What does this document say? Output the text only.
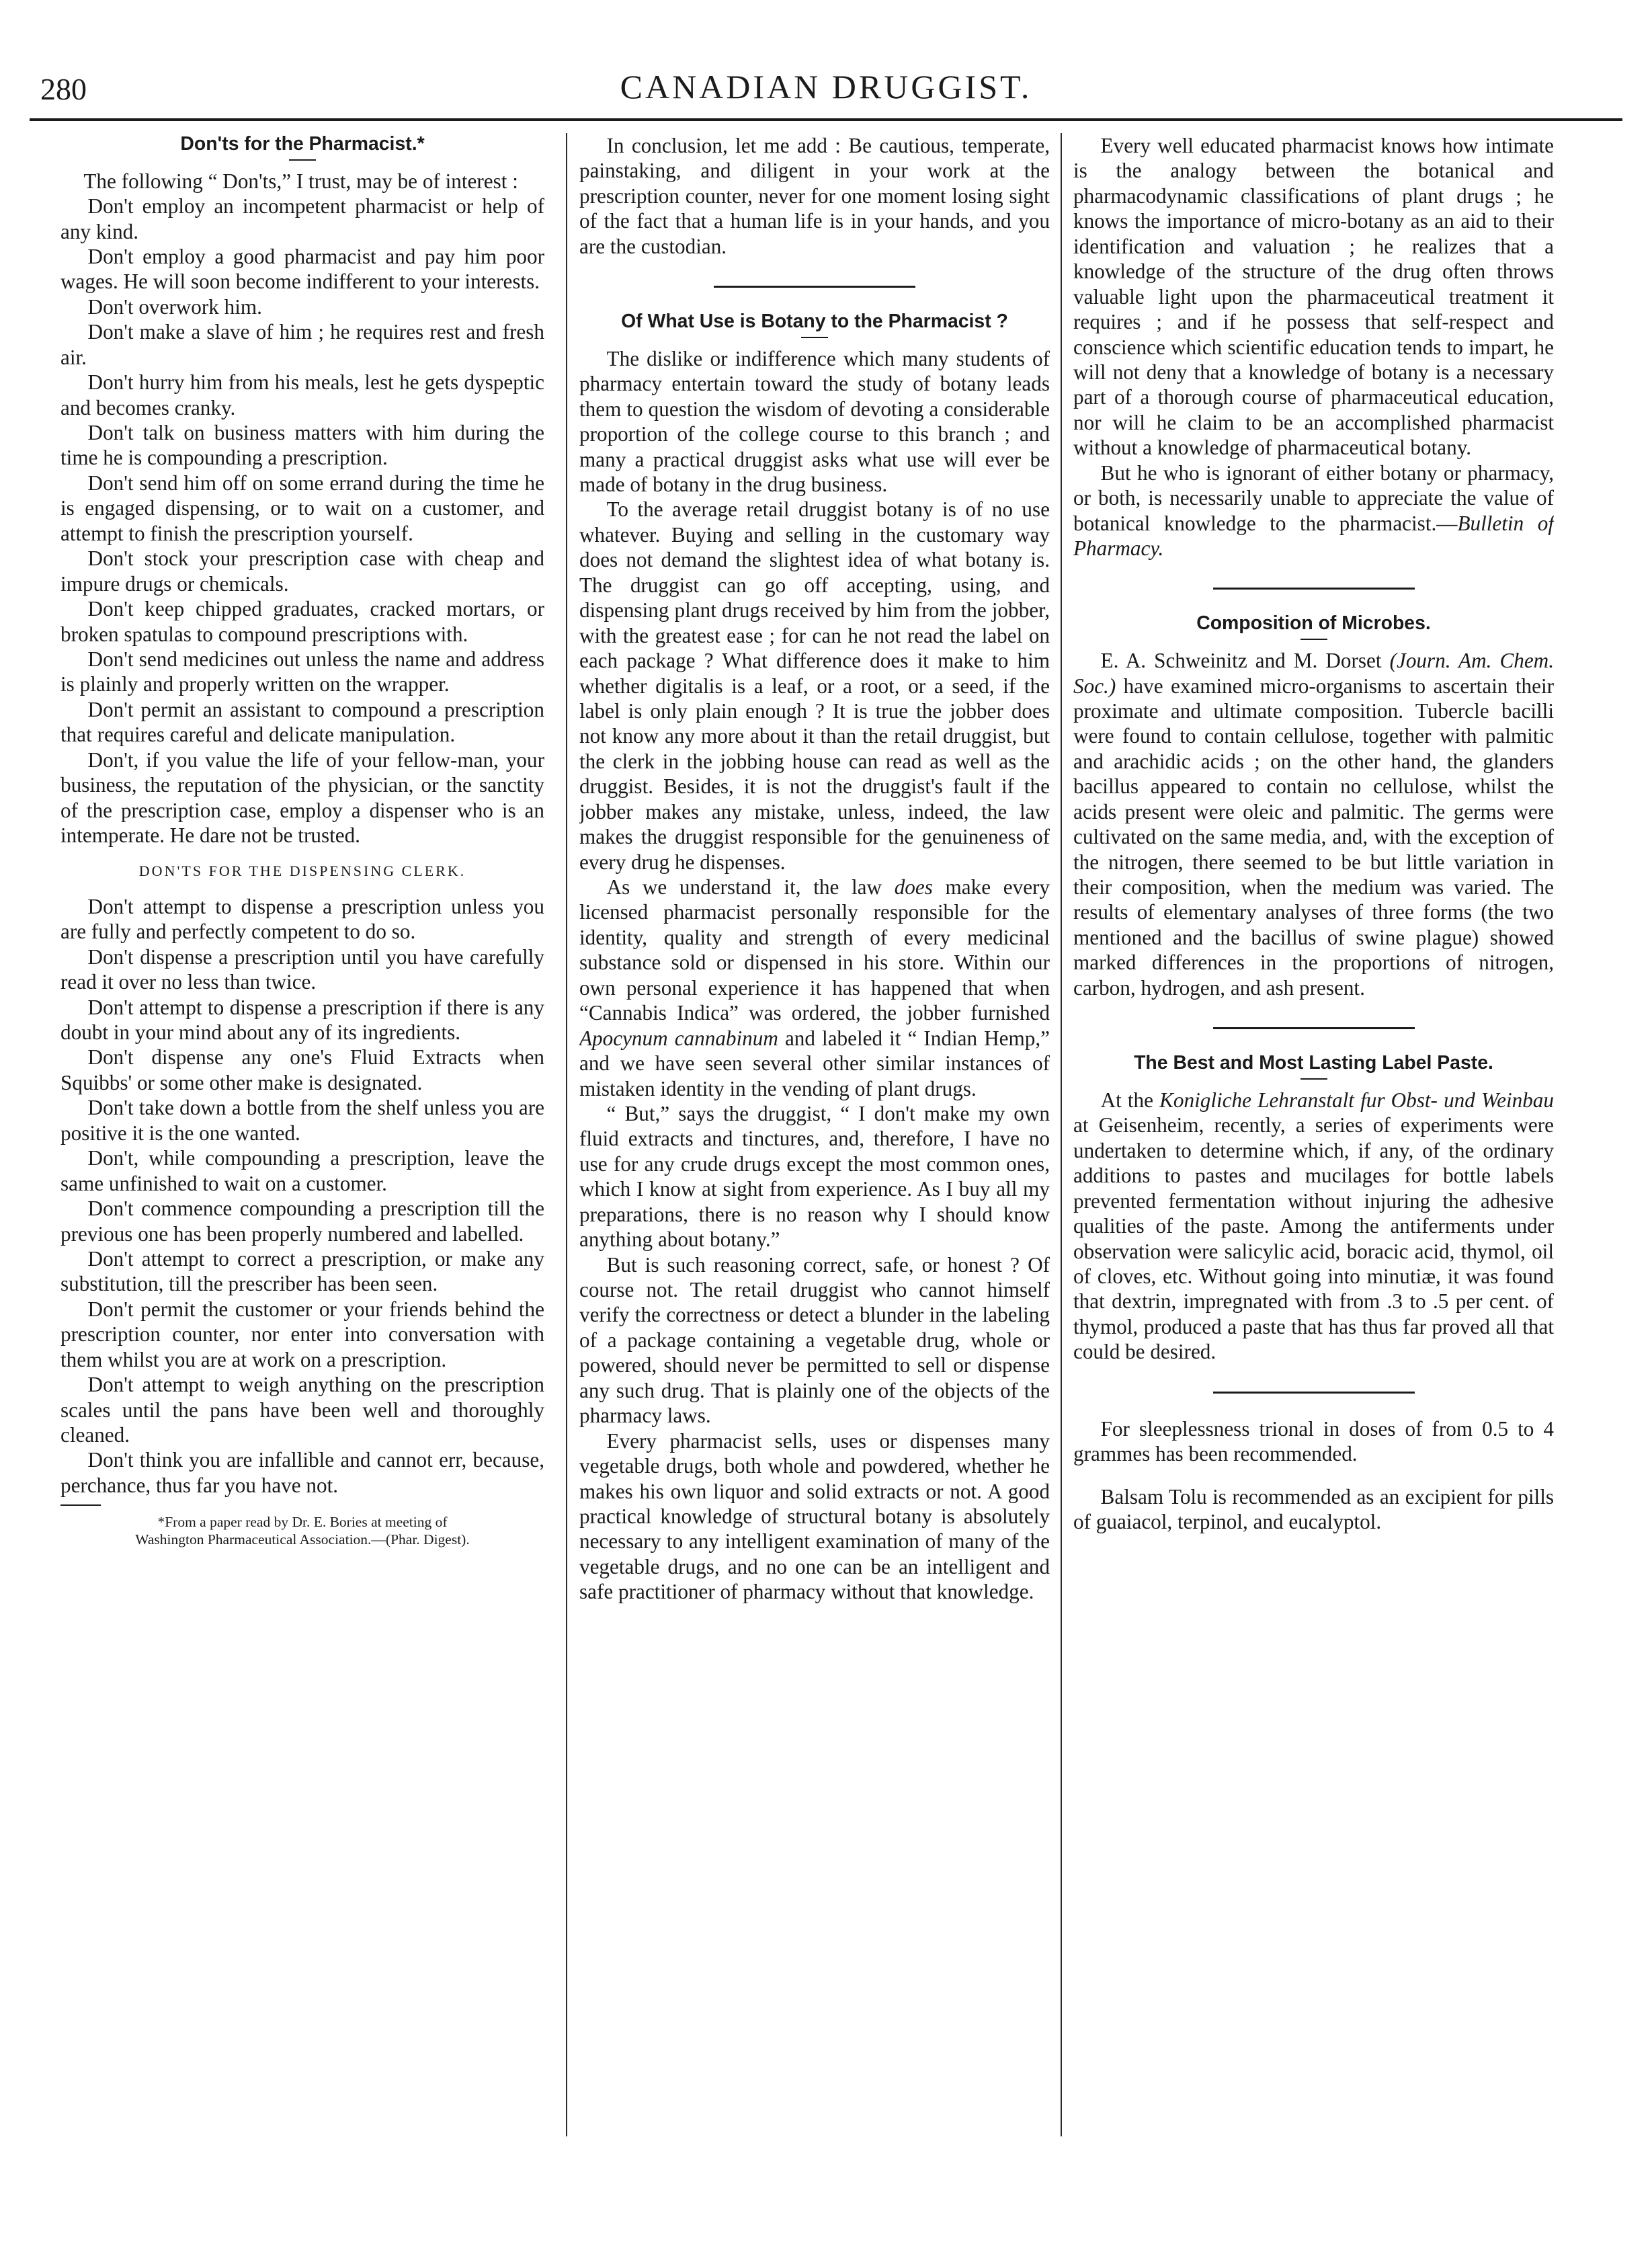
280	CANADIAN DRUGGIST.
Don'ts for the Pharmacist.*

The following “ Don'ts,” I trust, may be of interest :

Don't employ an incompetent pharmacist or help of any kind.

Don't employ a good pharmacist and pay him poor wages. He will soon become indifferent to your interests.

Don't overwork him.

Don't make a slave of him ; he requires rest and fresh air.

Don't hurry him from his meals, lest he gets dyspeptic and becomes cranky.

Don't talk on business matters with him during the time he is compounding a prescription.

Don't send him off on some errand during the time he is engaged dispensing, or to wait on a customer, and attempt to finish the prescription yourself.

Don't stock your prescription case with cheap and impure drugs or chemicals.

Don't keep chipped graduates, cracked mortars, or broken spatulas to compound prescriptions with.

Don't send medicines out unless the name and address is plainly and properly written on the wrapper.

Don't permit an assistant to compound a prescription that requires careful and delicate manipulation.

Don't, if you value the life of your fellow-man, your business, the reputation of the physician, or the sanctity of the prescription case, employ a dispenser who is an intemperate. He dare not be trusted.

DON'TS FOR THE DISPENSING CLERK.

Don't attempt to dispense a prescription unless you are fully and perfectly competent to do so.

Don't dispense a prescription until you have carefully read it over no less than twice.

Don't attempt to dispense a prescription if there is any doubt in your mind about any of its ingredients.

Don't dispense any one's Fluid Extracts when Squibbs' or some other make is designated.

Don't take down a bottle from the shelf unless you are positive it is the one wanted.

Don't, while compounding a prescription, leave the same unfinished to wait on a customer.

Don't commence compounding a prescription till the previous one has been properly numbered and labelled.

Don't attempt to correct a prescription, or make any substitution, till the prescriber has been seen.

Don't permit the customer or your friends behind the prescription counter, nor enter into conversation with them whilst you are at work on a prescription.

Don't attempt to weigh anything on the prescription scales until the pans have been well and thoroughly cleaned.

Don't think you are infallible and cannot err, because, perchance, thus far you have not.

*From a paper read by Dr. E. Bories at meeting of
Washington Pharmaceutical Association.—(Phar. Digest).

In conclusion, let me add : Be cautious, temperate, painstaking, and diligent in your work at the prescription counter, never for one moment losing sight of the fact that a human life is in your hands, and you are the custodian.

Of What Use is Botany to the Pharmacist ?

The dislike or indifference which many students of pharmacy entertain toward the study of botany leads them to question the wisdom of devoting a considerable proportion of the college course to this branch ; and many a practical druggist asks what use will ever be made of botany in the drug business.

To the average retail druggist botany is of no use whatever. Buying and selling in the customary way does not demand the slightest idea of what botany is. The druggist can go off accepting, using, and dispensing plant drugs received by him from the jobber, with the greatest ease ; for can he not read the label on each package ? What difference does it make to him whether digitalis is a leaf, or a root, or a seed, if the label is only plain enough ? It is true the jobber does not know any more about it than the retail druggist, but the clerk in the jobbing house can read as well as the druggist. Besides, it is not the druggist's fault if the jobber makes any mistake, unless, indeed, the law makes the druggist responsible for the genuineness of every drug he dispenses.

As we understand it, the law does make every licensed pharmacist personally responsible for the identity, quality and strength of every medicinal substance sold or dispensed in his store. Within our own personal experience it has happened that when “Cannabis Indica” was ordered, the jobber furnished Apocynum cannabinum and labeled it “ Indian Hemp,” and we have seen several other similar instances of mistaken identity in the vending of plant drugs.

“ But,” says the druggist, “ I don't make my own fluid extracts and tinctures, and, therefore, I have no use for any crude drugs except the most common ones, which I know at sight from experience. As I buy all my preparations, there is no reason why I should know anything about botany.”

But is such reasoning correct, safe, or honest ? Of course not. The retail druggist who cannot himself verify the correctness or detect a blunder in the labeling of a package containing a vegetable drug, whole or powered, should never be permitted to sell or dispense any such drug. That is plainly one of the objects of the pharmacy laws.

Every pharmacist sells, uses or dispenses many vegetable drugs, both whole and powdered, whether he makes his own liquor and solid extracts or not. A good practical knowledge of structural botany is absolutely necessary to any intelligent examination of many of the vegetable drugs, and no one can be an intelligent and safe practitioner of pharmacy without that knowledge.

Every well educated pharmacist knows how intimate is the analogy between the botanical and pharmacodynamic classifications of plant drugs ; he knows the importance of micro-botany as an aid to their identification and valuation ; he realizes that a knowledge of the structure of the drug often throws valuable light upon the pharmaceutical treatment it requires ; and if he possess that self-respect and conscience which scientific education tends to impart, he will not deny that a knowledge of botany is a necessary part of a thorough course of pharmaceutical education, nor will he claim to be an accomplished pharmacist without a knowledge of pharmaceutical botany.

But he who is ignorant of either botany or pharmacy, or both, is necessarily unable to appreciate the value of botanical knowledge to the pharmacist.—Bulletin of Pharmacy.

Composition of Microbes.

E. A. Schweinitz and M. Dorset (Journ. Am. Chem. Soc.) have examined micro-organisms to ascertain their proximate and ultimate composition. Tubercle bacilli were found to contain cellulose, together with palmitic and arachidic acids ; on the other hand, the glanders bacillus appeared to contain no cellulose, whilst the acids present were oleic and palmitic. The germs were cultivated on the same media, and, with the exception of the nitrogen, there seemed to be but little variation in their composition, when the medium was varied. The results of elementary analyses of three forms (the two mentioned and the bacillus of swine plague) showed marked differences in the proportions of nitrogen, carbon, hydrogen, and ash present.

The Best and Most Lasting Label Paste.

At the Konigliche Lehranstalt fur Obst- und Weinbau at Geisenheim, recently, a series of experiments were undertaken to determine which, if any, of the ordinary additions to pastes and mucilages for bottle labels prevented fermentation without injuring the adhesive qualities of the paste. Among the antiferments under observation were salicylic acid, boracic acid, thymol, oil of cloves, etc. Without going into minutiæ, it was found that dextrin, impregnated with from .3 to .5 per cent. of thymol, produced a paste that has thus far proved all that could be desired.

For sleeplessness trional in doses of from 0.5 to 4 grammes has been recommended.

Balsam Tolu is recommended as an excipient for pills of guaiacol, terpinol, and eucalyptol.
